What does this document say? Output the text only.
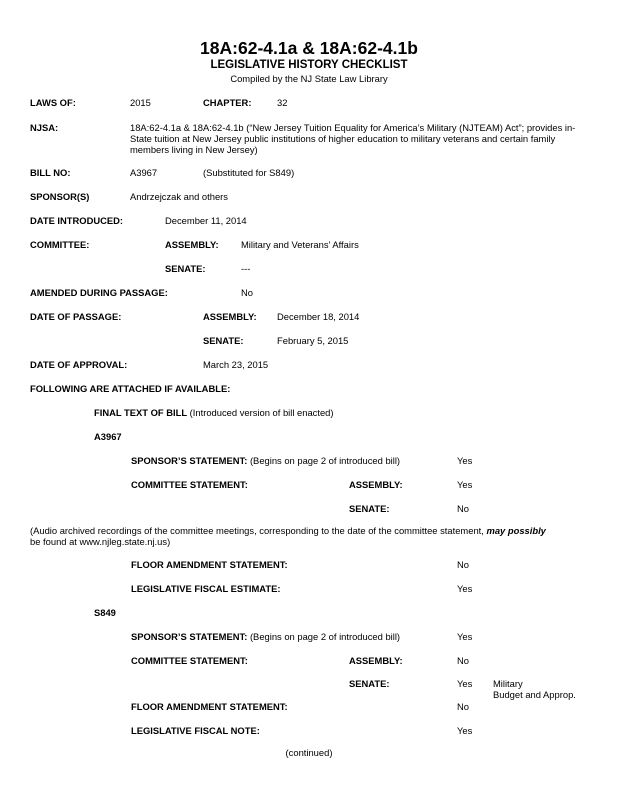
18A:62-4.1a & 18A:62-4.1b
LEGISLATIVE HISTORY CHECKLIST
Compiled by the NJ State Law Library
LAWS OF:	2015	CHAPTER:	32
NJSA:	18A:62-4.1a & 18A:62-4.1b (“New Jersey Tuition Equality for America’s Military (NJTEAM) Act”; provides in-
State tuition at New Jersey public institutions of higher education to military veterans and certain family
members living in New Jersey)
BILL NO:	A3967	(Substituted for S849)
SPONSOR(S)	Andrzejczak and others
DATE INTRODUCED:	December 11, 2014
COMMITTEE:	ASSEMBLY: Military and Veterans’ Affairs
SENATE:	---
AMENDED DURING PASSAGE:	No
DATE OF PASSAGE:	ASSEMBLY: December 18, 2014
SENATE:	February 5, 2015
DATE OF APPROVAL:	March 23, 2015
FOLLOWING ARE ATTACHED IF AVAILABLE:
FINAL TEXT OF BILL (Introduced version of bill enacted)
A3967
SPONSOR’S STATEMENT: (Begins on page 2 of introduced bill)	Yes
COMMITTEE STATEMENT:	ASSEMBLY:	Yes
SENATE:	No
(Audio archived recordings of the committee meetings, corresponding to the date of the committee statement, may possibly
be found at www.njleg.state.nj.us)
FLOOR AMENDMENT STATEMENT:	No
LEGISLATIVE FISCAL ESTIMATE:	Yes
S849
SPONSOR’S STATEMENT: (Begins on page 2 of introduced bill)	Yes
COMMITTEE STATEMENT:	ASSEMBLY:	No
SENATE:	Yes Military
Budget and Approp.
FLOOR AMENDMENT STATEMENT:	No
LEGISLATIVE FISCAL NOTE:	Yes
(continued)
